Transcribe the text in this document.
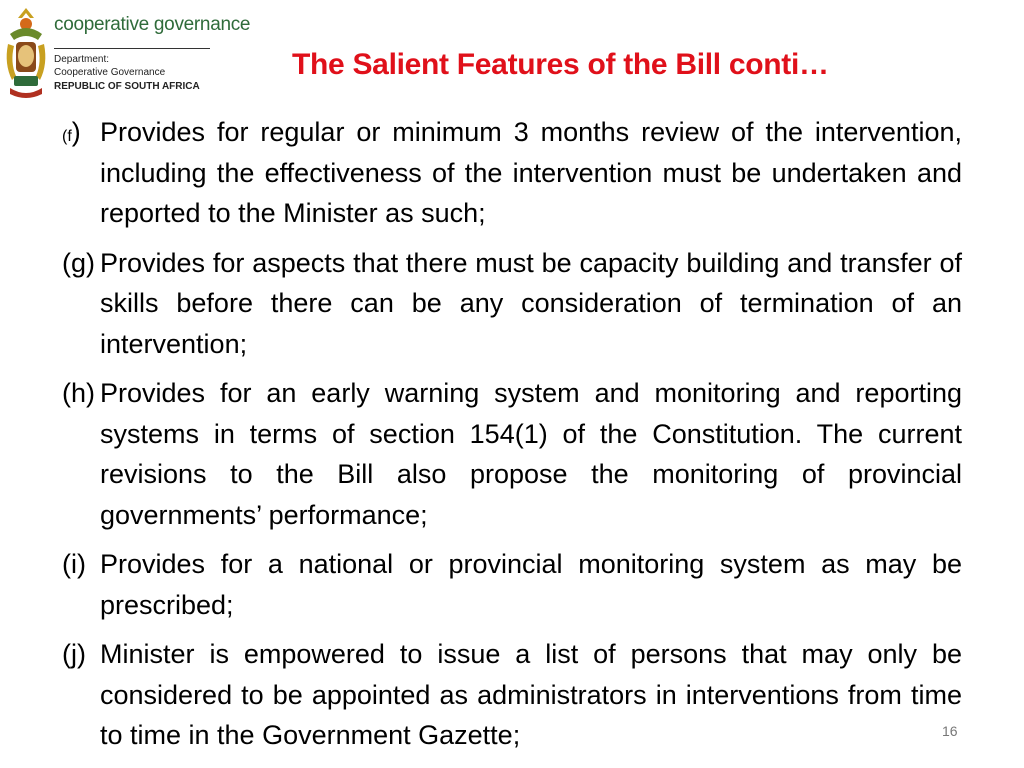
cooperative governance
Department:
Cooperative Governance
REPUBLIC OF SOUTH AFRICA
The Salient Features of the Bill conti…
(f) Provides for regular or minimum 3 months review of the intervention, including the effectiveness of the intervention must be undertaken and reported to the Minister as such;
(g) Provides for aspects that there must be capacity building and transfer of skills before there can be any consideration of termination of an intervention;
(h) Provides for an early warning system and monitoring and reporting systems in terms of section 154(1) of the Constitution. The current revisions to the Bill also propose the monitoring of provincial governments’ performance;
(i) Provides for a national or provincial monitoring system as may be prescribed;
(j) Minister is empowered to issue a list of persons that may only be considered to be appointed as administrators in interventions from time to time in the Government Gazette;	16
